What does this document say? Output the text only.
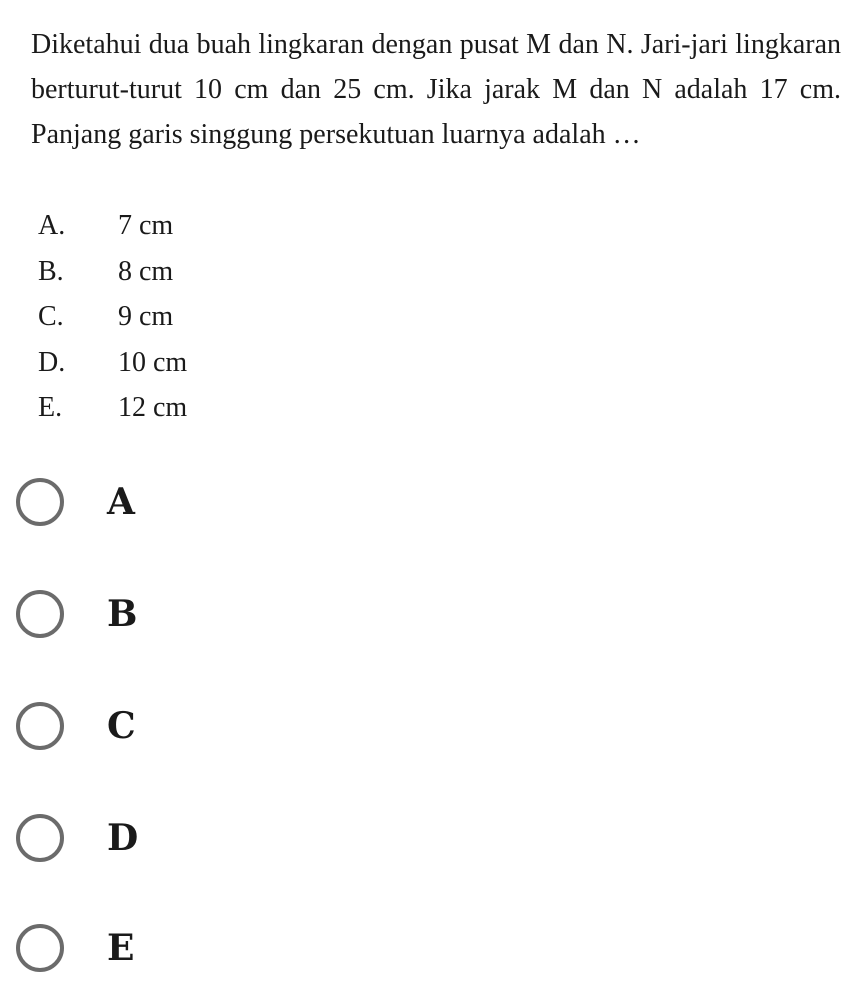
Diketahui dua buah lingkaran dengan pusat M dan N. Jari-jari lingkaran berturut-turut 10 cm dan 25 cm. Jika jarak M dan N adalah 17 cm. Panjang garis singgung persekutuan luarnya adalah …
A.	7 cm
B.	8 cm
C.	9 cm
D.	10 cm
E.	12 cm
A
B
C
D
E
